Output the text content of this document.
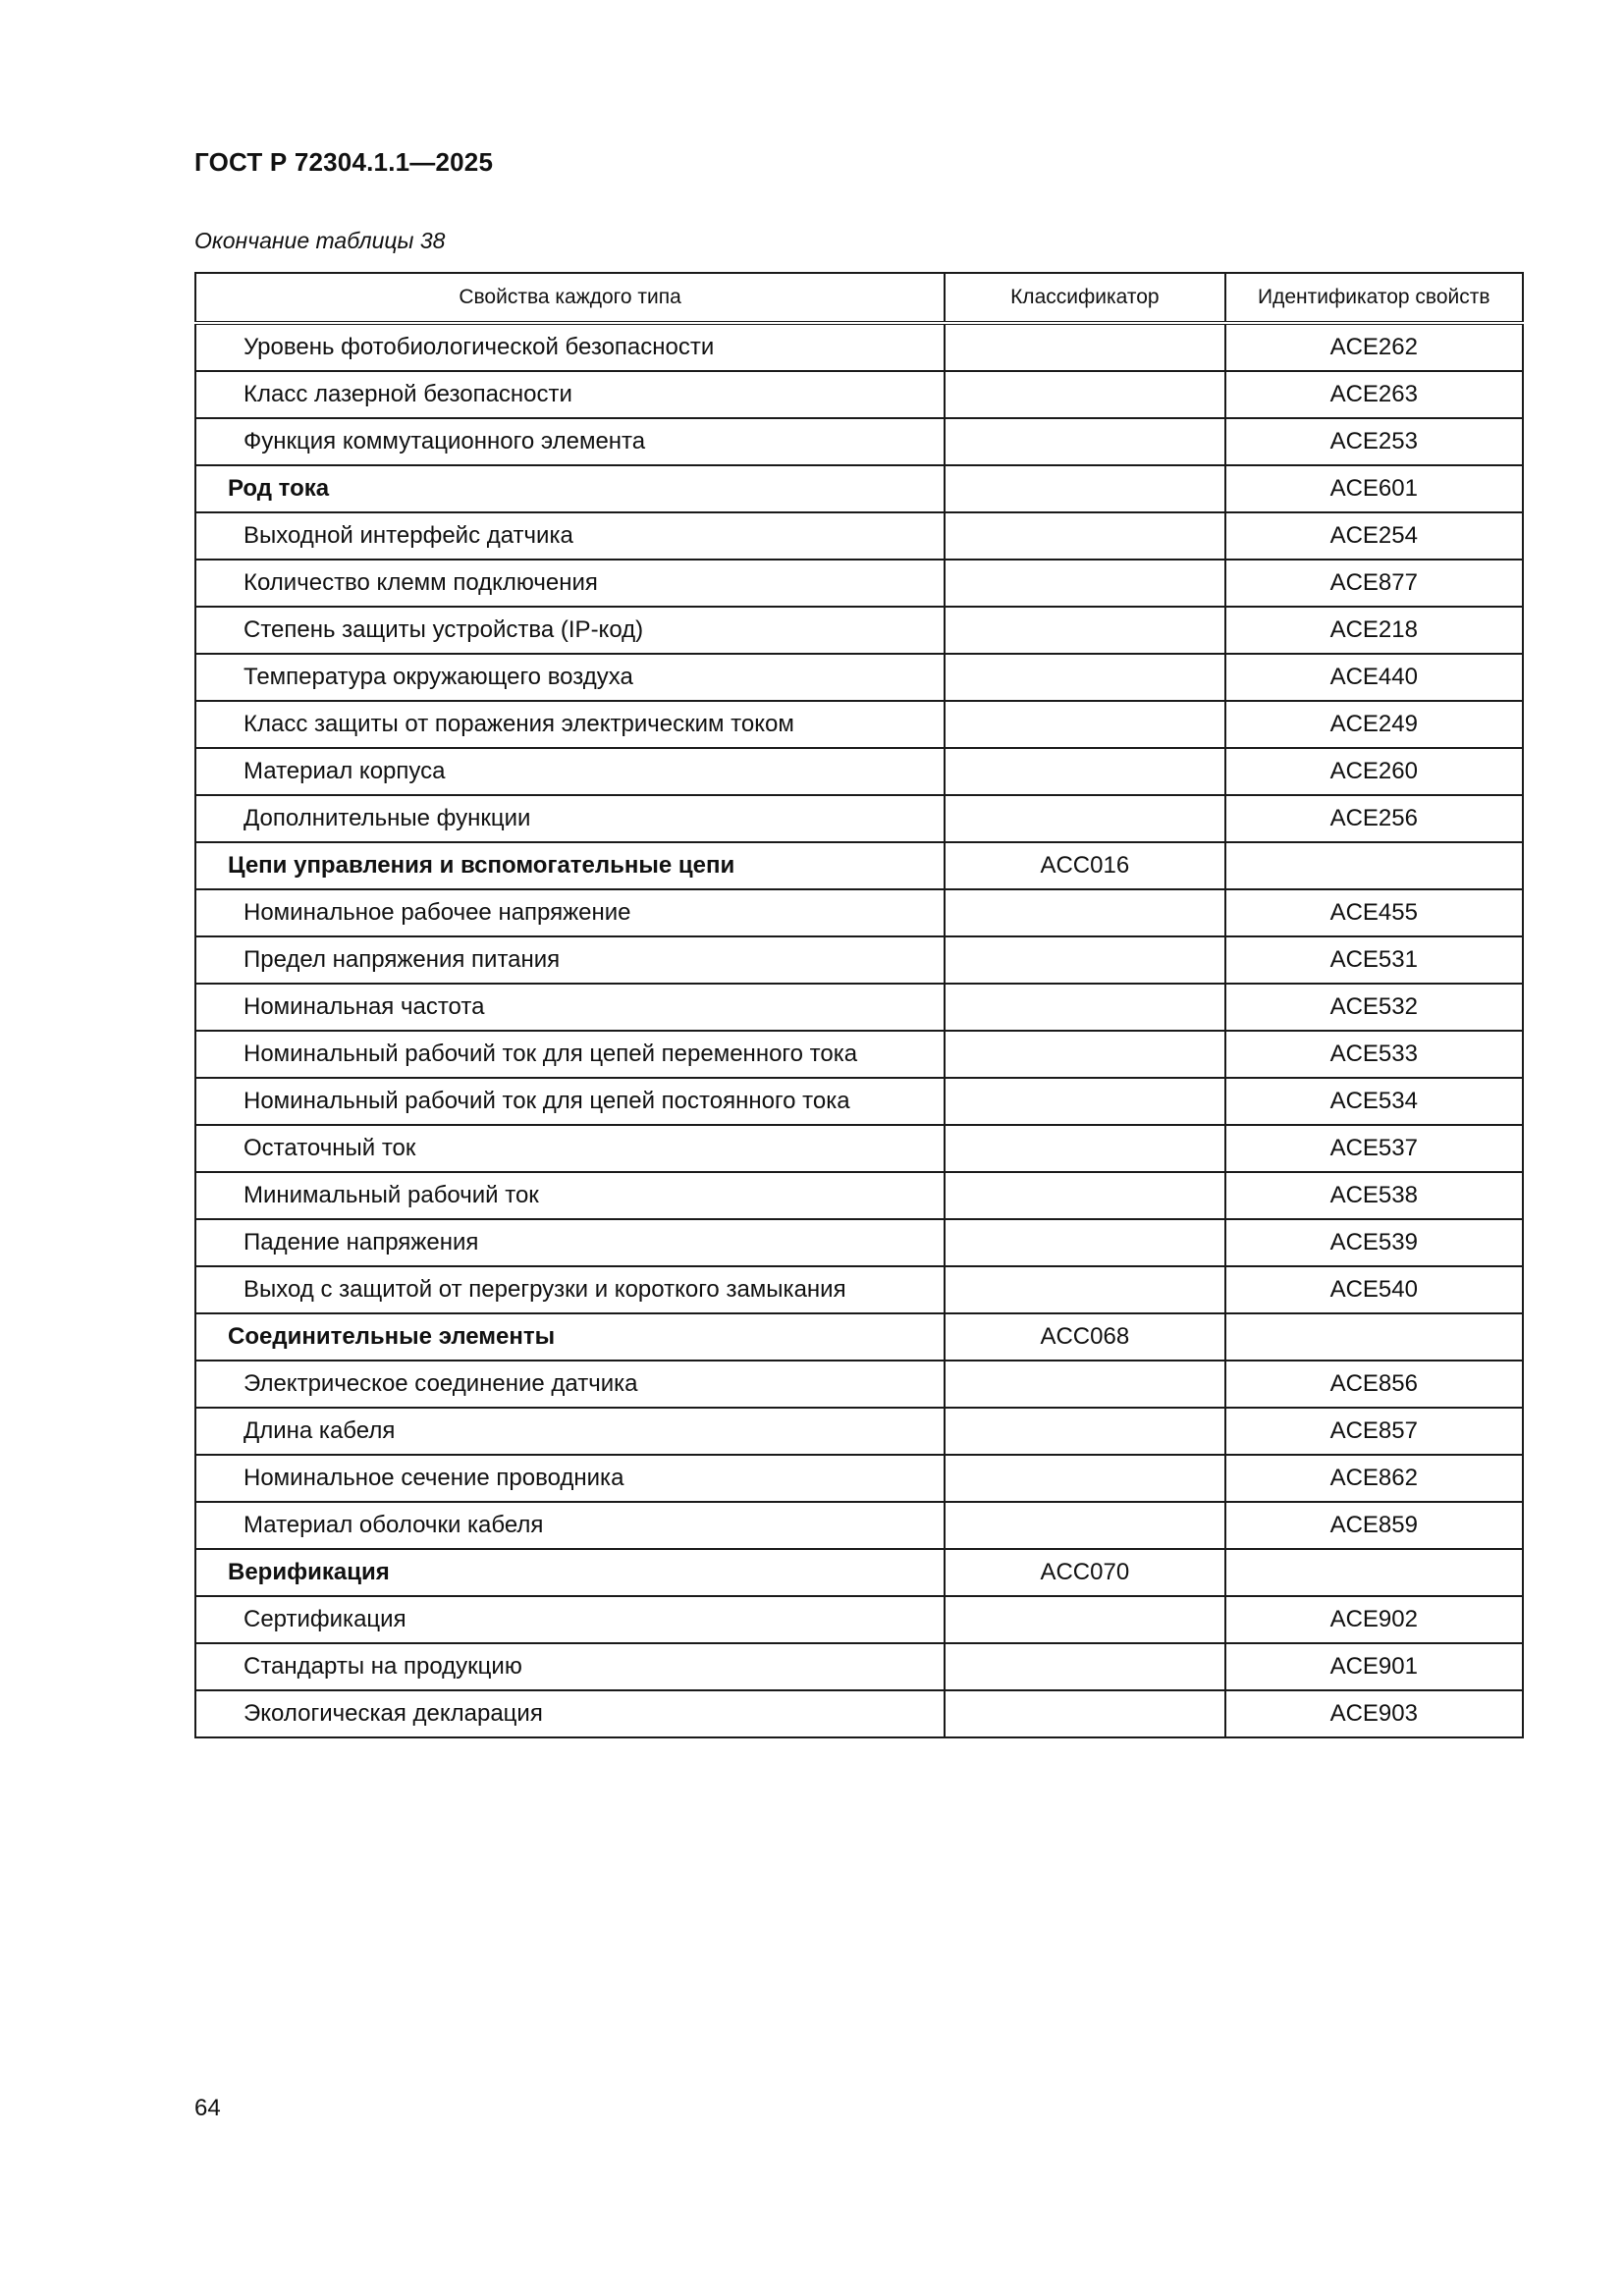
ГОСТ Р 72304.1.1—2025
Окончание таблицы 38
Свойства каждого типа	Классификатор	Идентификатор свойств
Уровень фотобиологической безопасности		ACE262
Класс лазерной безопасности		ACE263
Функция коммутационного элемента		ACE253
Род тока		ACE601
Выходной интерфейс датчика		ACE254
Количество клемм подключения		ACE877
Степень защиты устройства (IP-код)		ACE218
Температура окружающего воздуха		ACE440
Класс защиты от поражения электрическим током		ACE249
Материал корпуса		ACE260
Дополнительные функции		ACE256
Цепи управления и вспомогательные цепи	ACC016	
Номинальное рабочее напряжение		ACE455
Предел напряжения питания		ACE531
Номинальная частота		ACE532
Номинальный рабочий ток для цепей переменного тока		ACE533
Номинальный рабочий ток для цепей постоянного тока		ACE534
Остаточный ток		ACE537
Минимальный рабочий ток		ACE538
Падение напряжения		ACE539
Выход с защитой от перегрузки и короткого замыкания		ACE540
Соединительные элементы	ACC068	
Электрическое соединение датчика		ACE856
Длина кабеля		ACE857
Номинальное сечение проводника		ACE862
Материал оболочки кабеля		ACE859
Верификация	ACC070	
Сертификация		ACE902
Стандарты на продукцию		ACE901
Экологическая декларация		ACE903
64
